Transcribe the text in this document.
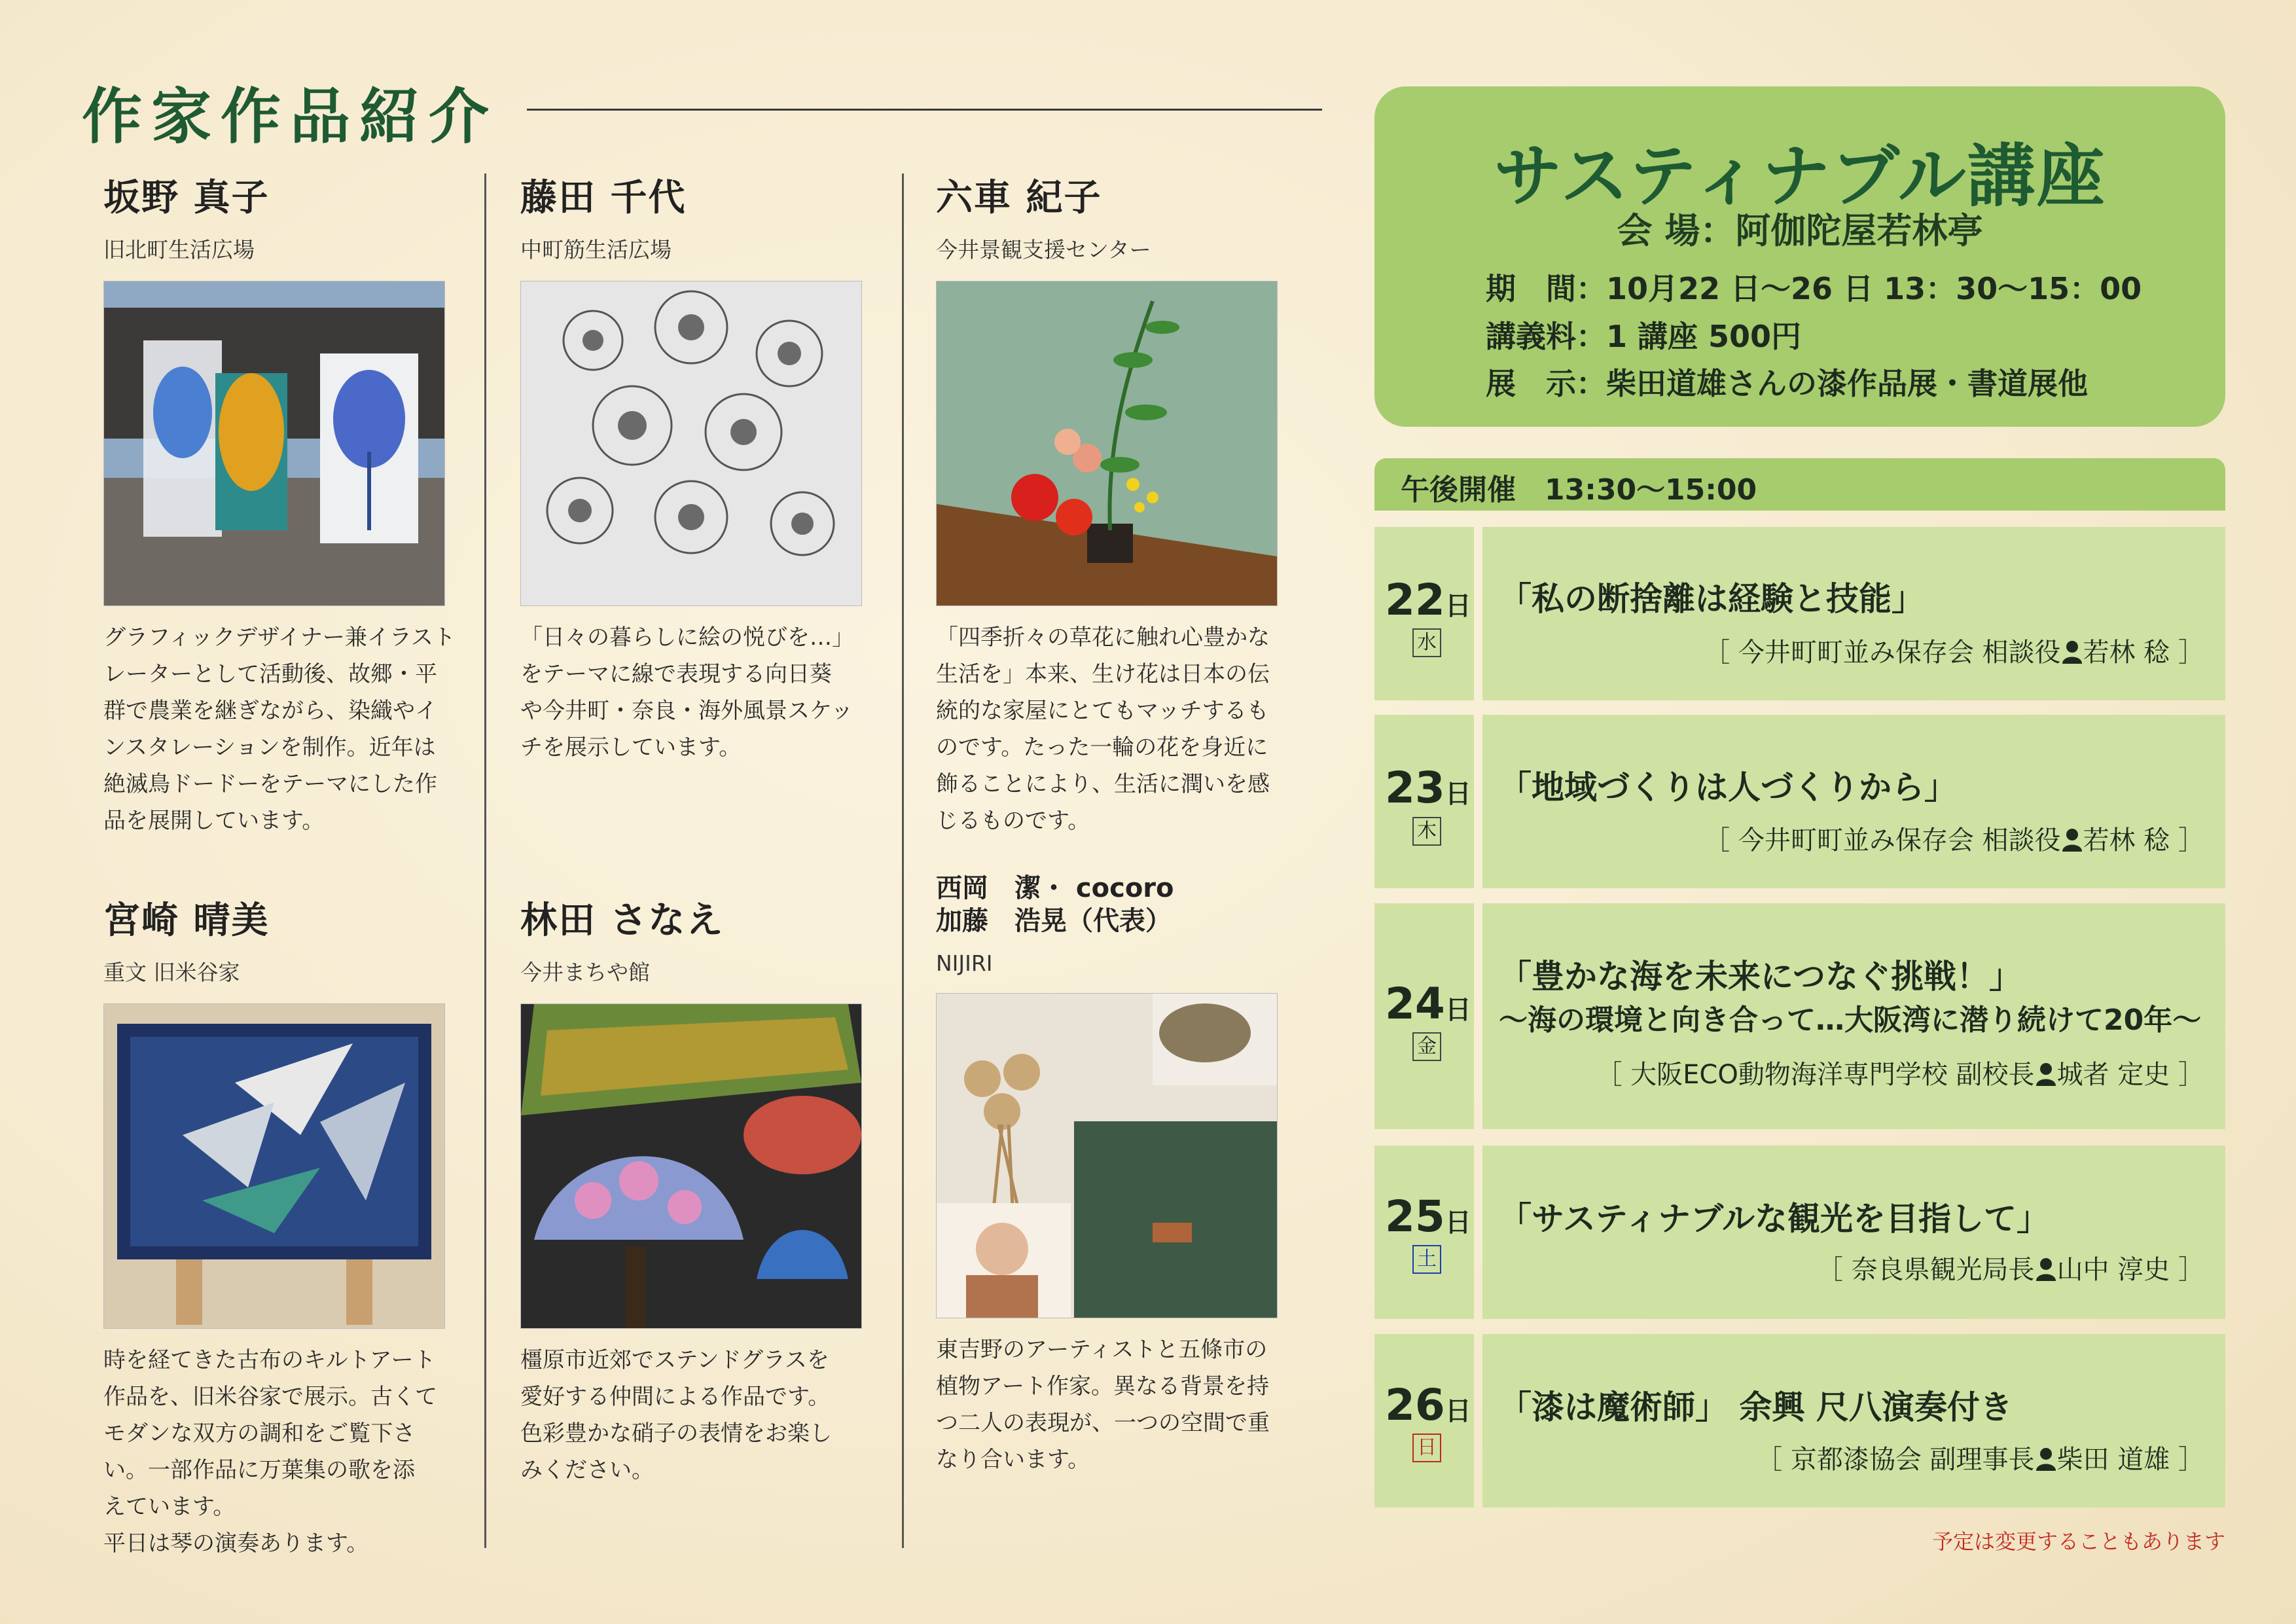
作家作品紹介
坂野 真子
旧北町生活広場
グラフィックデザイナー兼イラスト
レーターとして活動後、故郷・平
群で農業を継ぎながら、染織やイ
ンスタレーションを制作。近年は
絶滅鳥ドードーをテーマにした作
品を展開しています。
藤田 千代
中町筋生活広場
「日々の暮らしに絵の悦びを…」
をテーマに線で表現する向日葵
や今井町・奈良・海外風景スケッ
チを展示しています。
六車 紀子
今井景観支援センター
「四季折々の草花に触れ心豊かな
生活を」本来、生け花は日本の伝
統的な家屋にとてもマッチするも
のです。たった一輪の花を身近に
飾ることにより、生活に潤いを感
じるものです。
宮崎 晴美
重文 旧米谷家
時を経てきた古布のキルトアート
作品を、旧米谷家で展示。古くて
モダンな双方の調和をご覧下さ
い。一部作品に万葉集の歌を添
えています。
平日は琴の演奏あります。
林田 さなえ
今井まちや館
橿原市近郊でステンドグラスを
愛好する仲間による作品です。
色彩豊かな硝子の表情をお楽し
みください。
西岡　潔・ cocoro
加藤　浩晃（代表）
NIJIRI
東吉野のアーティストと五條市の
植物アート作家。異なる背景を持
つ二人の表現が、一つの空間で重
なり合います。
サスティナブル講座
会 場：阿伽陀屋若林亭
期　間：10月22 日～26 日 13：30～15：00
講義料：1 講座 500円
展　示：柴田道雄さんの漆作品展・書道展他
午後開催　13:30～15:00
22日
水
「私の断捨離は経験と技能」
［ 今井町町並み保存会 相談役 若林 稔 ］
23日
木
「地域づくりは人づくりから」
［ 今井町町並み保存会 相談役 若林 稔 ］
24日
金
「豊かな海を未来につなぐ挑戦！」
～海の環境と向き合って…大阪湾に潜り続けて20年～
［ 大阪ECO動物海洋専門学校 副校長 城者 定史 ］
25日
土
「サスティナブルな観光を目指して」
［ 奈良県観光局長 山中 淳史 ］
26日
日
「漆は魔術師」 余興 尺八演奏付き
［ 京都漆協会 副理事長 柴田 道雄 ］
予定は変更することもあります
